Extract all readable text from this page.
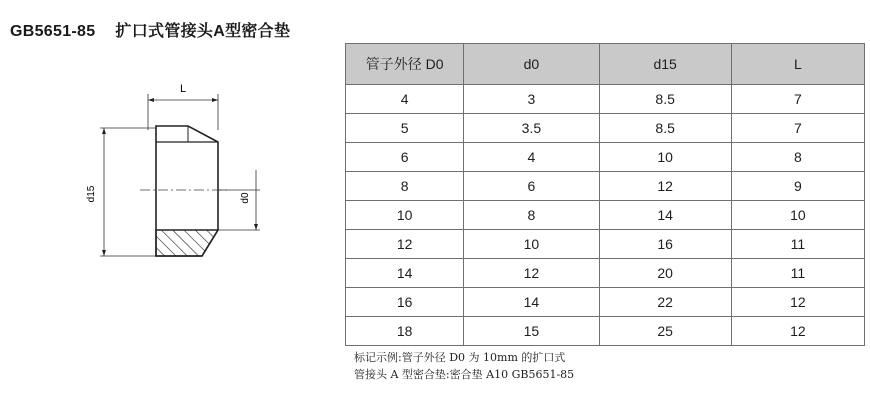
GB5651-85 扩口式管接头A型密合垫
L
d15	d0
管子外径 D0	d0	d15	L
4	3	8.5	7
5	3.5	8.5	7
6	4	10	8
8	6	12	9
10	8	14	10
12	10	16	11
14	12	20	11
16	14	22	12
18	15	25	12
标记示例:管子外径 D0 为 10mm 的扩口式
管接头 A 型密合垫:密合垫 A10 GB5651-85
